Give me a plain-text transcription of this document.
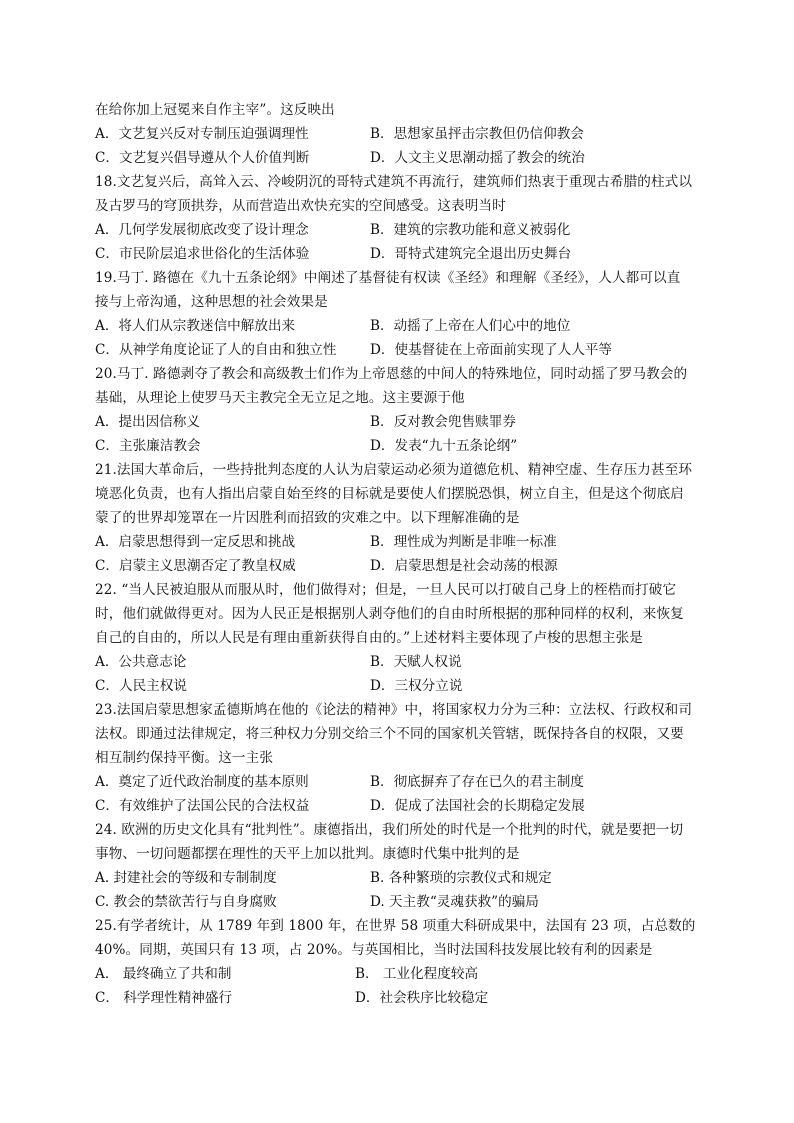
在给你加上冠冕来自作主宰”。这反映出
A．文艺复兴反对专制压迫强调理性	B．思想家虽抨击宗教但仍信仰教会
C．文艺复兴倡导遵从个人价值判断	D．人文主义思潮动摇了教会的统治
18.文艺复兴后，高耸入云、冷峻阴沉的哥特式建筑不再流行，建筑师们热衷于重现古希腊的柱式以
及古罗马的穹顶拱券，从而营造出欢快充实的空间感受。这表明当时
A．几何学发展彻底改变了设计理念	B．建筑的宗教功能和意义被弱化
C．市民阶层追求世俗化的生活体验	D．哥特式建筑完全退出历史舞台
19.马丁. 路德在《九十五条论纲》中阐述了基督徒有权读《圣经》和理解《圣经》，人人都可以直
接与上帝沟通，这种思想的社会效果是
A．将人们从宗教迷信中解放出来	B．动摇了上帝在人们心中的地位
C．从神学角度论证了人的自由和独立性	D．使基督徒在上帝面前实现了人人平等
20.马丁. 路德剥夺了教会和高级教士们作为上帝恩慈的中间人的特殊地位，同时动摇了罗马教会的
基础，从理论上使罗马天主教完全无立足之地。这主要源于他
A．提出因信称义	B．反对教会兜售赎罪券
C．主张廉洁教会	D．发表“九十五条论纲”
21.法国大革命后，一些持批判态度的人认为启蒙运动必须为道德危机、精神空虚、生存压力甚至环
境恶化负责，也有人指出启蒙自始至终的目标就是要使人们摆脱恐惧，树立自主，但是这个彻底启
蒙了的世界却笼罩在一片因胜利而招致的灾难之中。以下理解准确的是
A．启蒙思想得到一定反思和挑战	B．理性成为判断是非唯一标准
C．启蒙主义思潮否定了教皇权威	D．启蒙思想是社会动荡的根源
22. “当人民被迫服从而服从时，他们做得对；但是，一旦人民可以打破自己身上的桎梏而打破它
时，他们就做得更对。因为人民正是根据别人剥夺他们的自由时所根据的那种同样的权利，来恢复
自己的自由的，所以人民是有理由重新获得自由的。”上述材料主要体现了卢梭的思想主张是
A．公共意志论	B．天赋人权说
C．人民主权说	D．三权分立说
23.法国启蒙思想家孟德斯鸠在他的《论法的精神》中，将国家权力分为三种：立法权、行政权和司
法权。即通过法律规定，将三种权力分别交给三个不同的国家机关管辖，既保持各自的权限，又要
相互制约保持平衡。这一主张
A．奠定了近代政治制度的基本原则	B．彻底摒弃了存在已久的君主制度
C．有效维护了法国公民的合法权益	D．促成了法国社会的长期稳定发展
24. 欧洲的历史文化具有“批判性”。康德指出，我们所处的时代是一个批判的时代，就是要把一切
事物、一切问题都摆在理性的天平上加以批判。康德时代集中批判的是
A. 封建社会的等级和专制制度	B. 各种繁琐的宗教仪式和规定
C. 教会的禁欲苦行与自身腐败	D. 天主教“灵魂获救”的骗局
25.有学者统计，从 1789 年到 1800 年，在世界 58 项重大科研成果中，法国有 23 项，占总数的
40%。同期，英国只有 13 项，占 20%。与英国相比，当时法国科技发展比较有利的因素是
A． 最终确立了共和制	B． 工业化程度较高
C． 科学理性精神盛行	D．社会秩序比较稳定
